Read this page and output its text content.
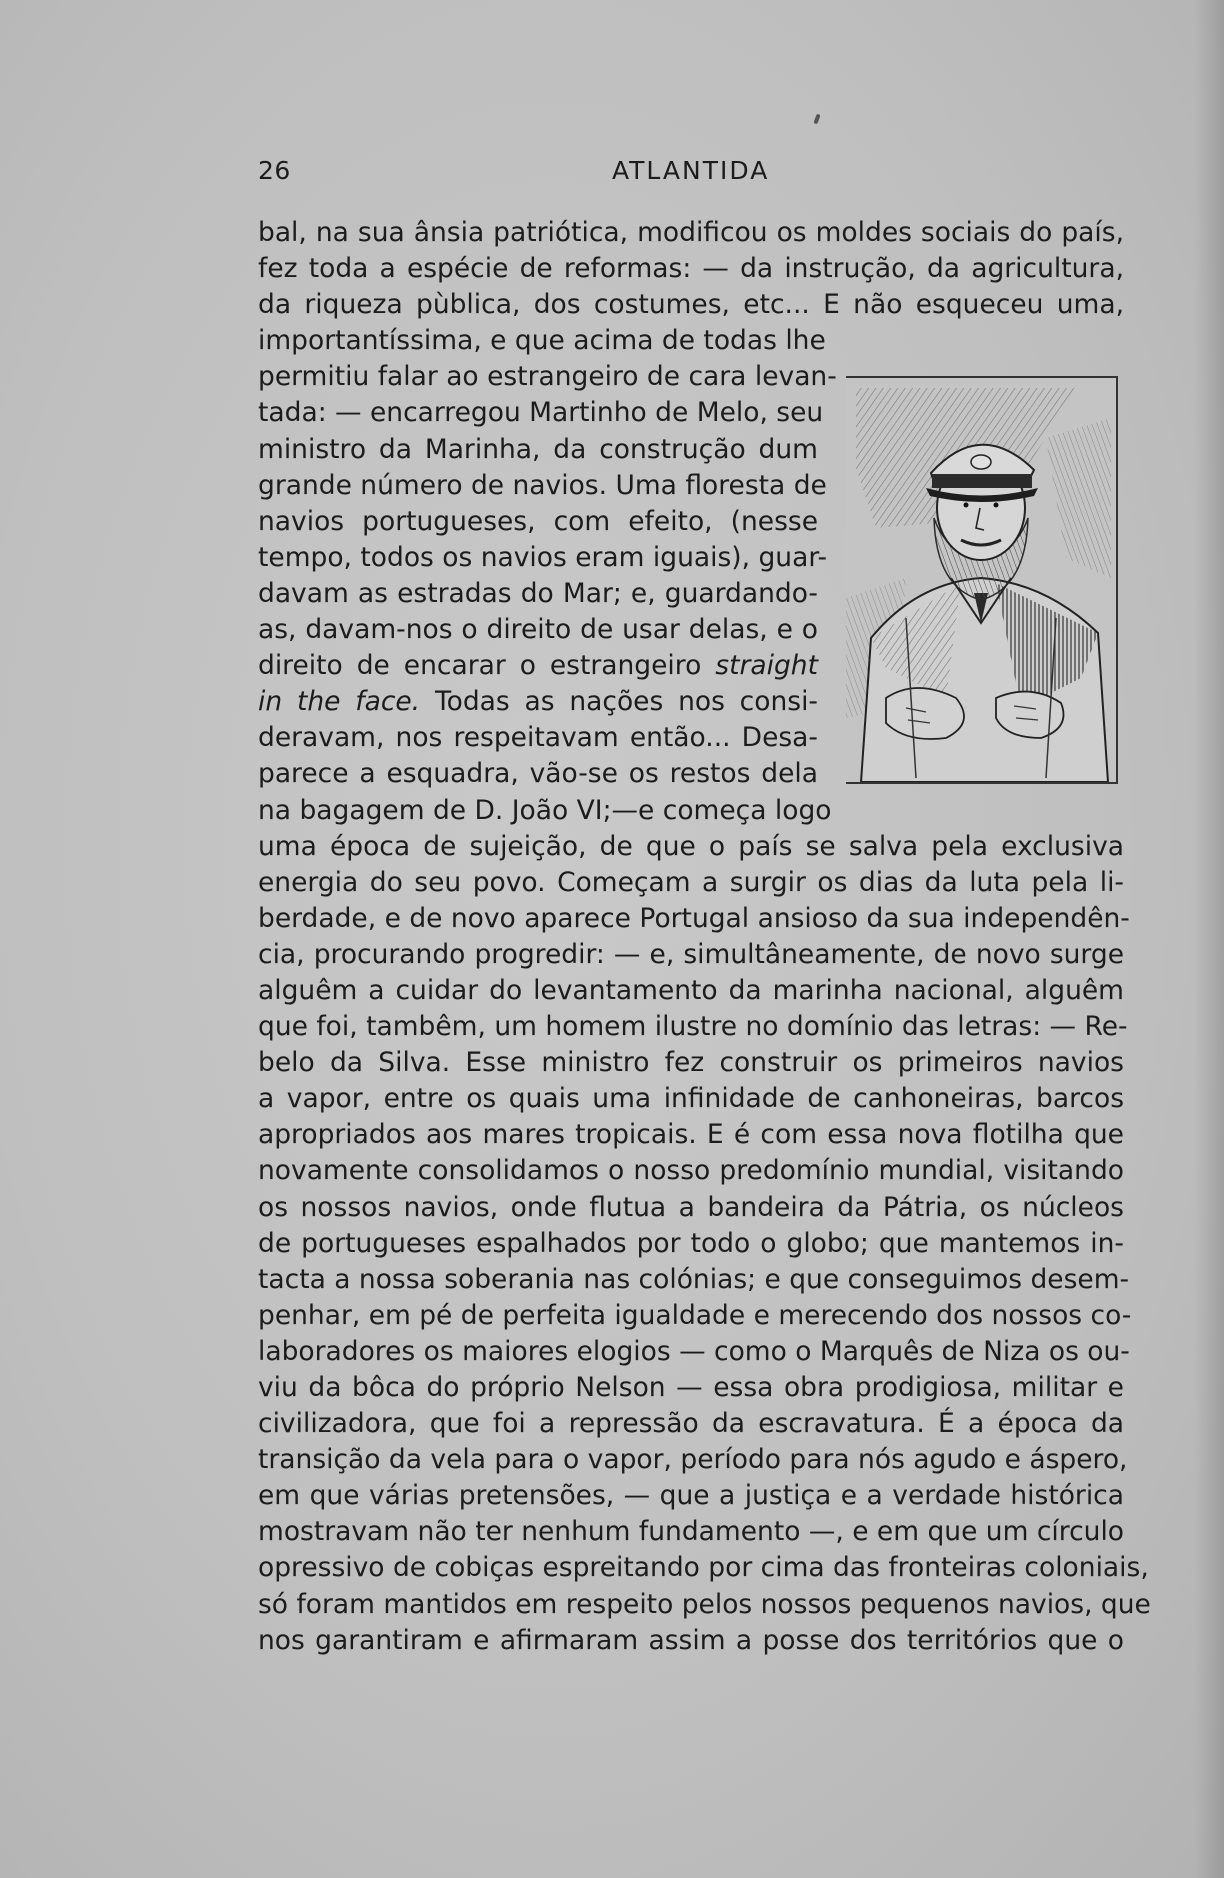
26	ATLANTIDA
bal, na sua ânsia patriótica, modificou os moldes sociais do país,
fez toda a espécie de reformas: — da instrução, da agricultura,
da riqueza pùblica, dos costumes, etc... E não esqueceu uma,
importantíssima, e que acima de todas lhe
permitiu falar ao estrangeiro de cara levan-
tada: — encarregou Martinho de Melo, seu
ministro da Marinha, da construção dum
grande número de navios. Uma floresta de
navios portugueses, com efeito, (nesse
tempo, todos os navios eram iguais), guar-
davam as estradas do Mar; e, guardando-
as, davam-nos o direito de usar delas, e o
direito de encarar o estrangeiro straight
in the face. Todas as nações nos consi-
deravam, nos respeitavam então... Desa-
parece a esquadra, vão-se os restos dela
na bagagem de D. João VI;—e começa logo
uma época de sujeição, de que o país se salva pela exclusiva
energia do seu povo. Começam a surgir os dias da luta pela li-
berdade, e de novo aparece Portugal ansioso da sua independên-
cia, procurando progredir: — e, simultâneamente, de novo surge
alguêm a cuidar do levantamento da marinha nacional, alguêm
que foi, tambêm, um homem ilustre no domínio das letras: — Re-
belo da Silva. Esse ministro fez construir os primeiros navios
a vapor, entre os quais uma infinidade de canhoneiras, barcos
apropriados aos mares tropicais. E é com essa nova flotilha que
novamente consolidamos o nosso predomínio mundial, visitando
os nossos navios, onde flutua a bandeira da Pátria, os núcleos
de portugueses espalhados por todo o globo; que mantemos in-
tacta a nossa soberania nas colónias; e que conseguimos desem-
penhar, em pé de perfeita igualdade e merecendo dos nossos co-
laboradores os maiores elogios — como o Marquês de Niza os ou-
viu da bôca do próprio Nelson — essa obra prodigiosa, militar e
civilizadora, que foi a repressão da escravatura. É a época da
transição da vela para o vapor, período para nós agudo e áspero,
em que várias pretensões, — que a justiça e a verdade histórica
mostravam não ter nenhum fundamento —, e em que um círculo
opressivo de cobiças espreitando por cima das fronteiras coloniais,
só foram mantidos em respeito pelos nossos pequenos navios, que
nos garantiram e afirmaram assim a posse dos territórios que o
